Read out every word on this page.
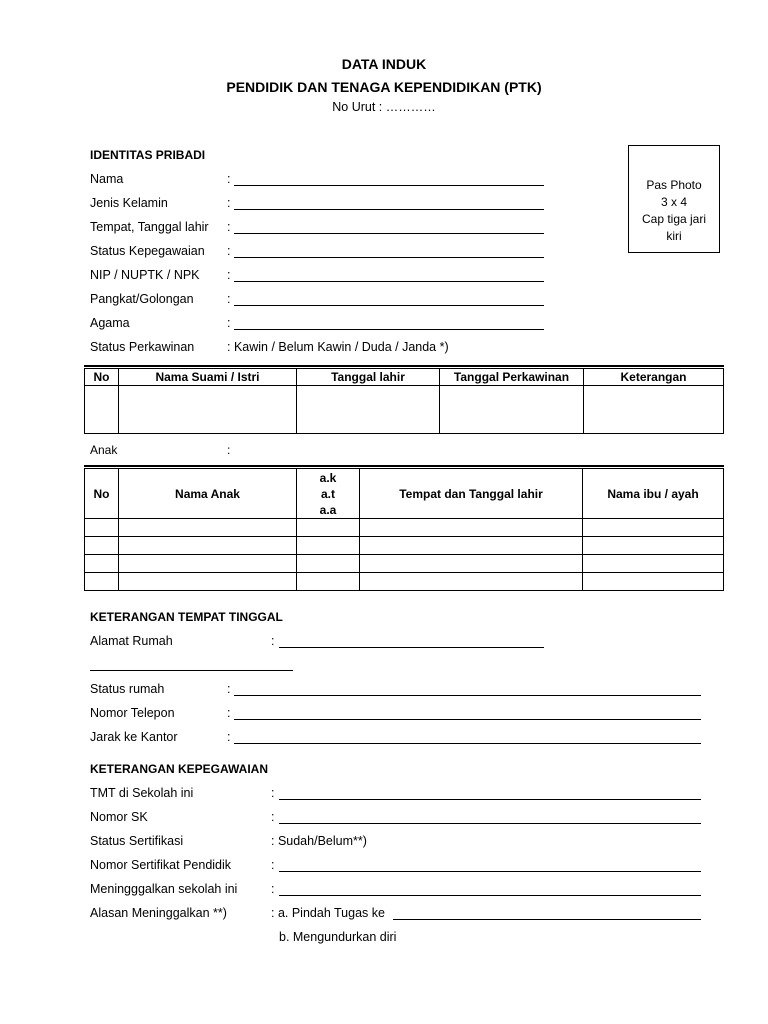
DATA INDUK
PENDIDIK DAN TENAGA KEPENDIDIKAN (PTK)
No Urut : …………
Pas Photo
3 x 4
Cap tiga jari
kiri
IDENTITAS PRIBADI
Nama	:
Jenis Kelamin	:
Tempat, Tanggal lahir :
Status Kepegawaian :
NIP / NUPTK / NPK :
Pangkat/Golongan	:
Agama	:
Status Perkawinan	: Kawin / Belum Kawin / Duda / Janda *)
No	Nama Suami / Istri	Tanggal lahir	Tanggal Perkawinan	Keterangan

Anak	:
No	Nama Anak	a.k
a.t
a.a	Tempat dan Tanggal lahir	Nama ibu / ayah

KETERANGAN TEMPAT TINGGAL
Alamat Rumah	:
Status rumah	:
Nomor Telepon	:
Jarak ke Kantor	:
KETERANGAN KEPEGAWAIAN
TMT di Sekolah ini	:
Nomor SK	:
Status Sertifikasi	: Sudah/Belum**)
Nomor Sertifikat Pendidik	:
Meningggalkan sekolah ini	:
Alasan Meninggalkan **)	: a. Pindah Tugas ke
b. Mengundurkan diri
